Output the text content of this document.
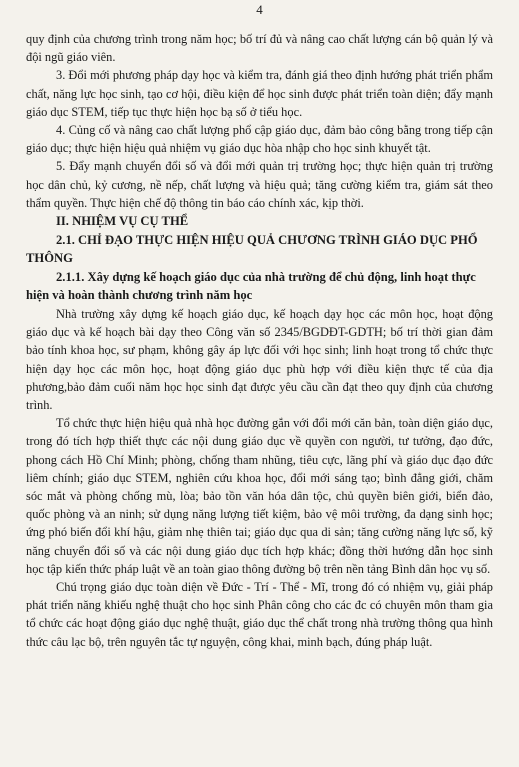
4

quy định của chương trình trong năm học; bố trí đủ và nâng cao chất lượng cán bộ quản lý và đội ngũ giáo viên.

3. Đổi mới phương pháp dạy học và kiểm tra, đánh giá theo định hướng phát triển phẩm chất, năng lực học sinh, tạo cơ hội, điều kiện để học sinh được phát triển toàn diện; đẩy mạnh giáo dục STEM, tiếp tục thực hiện học bạ số ở tiểu học.

4. Củng cố và nâng cao chất lượng phổ cập giáo dục, đảm bảo công bằng trong tiếp cận giáo dục; thực hiện hiệu quả nhiệm vụ giáo dục hòa nhập cho học sinh khuyết tật.

5. Đẩy mạnh chuyển đổi số và đổi mới quản trị trường học; thực hiện quản trị trường học dân chủ, kỷ cương, nề nếp, chất lượng và hiệu quả; tăng cường kiểm tra, giám sát theo thẩm quyền. Thực hiện chế độ thông tin báo cáo chính xác, kịp thời.

II. NHIỆM VỤ CỤ THỂ

2.1. CHỈ ĐẠO THỰC HIỆN HIỆU QUẢ CHƯƠNG TRÌNH GIÁO DỤC PHỔ THÔNG

2.1.1. Xây dựng kế hoạch giáo dục của nhà trường để chủ động, linh hoạt thực hiện và hoàn thành chương trình năm học

Nhà trường xây dựng kế hoạch giáo dục, kế hoạch dạy học các môn học, hoạt động giáo dục và kế hoạch bài dạy theo Công văn số 2345/BGDĐT-GDTH; bố trí thời gian đảm bảo tính khoa học, sư phạm, không gây áp lực đối với học sinh; linh hoạt trong tổ chức thực hiện dạy học các môn học, hoạt động giáo dục phù hợp với điều kiện thực tế của địa phương,bảo đảm cuối năm học học sinh đạt được yêu cầu cần đạt theo quy định của chương trình.

Tổ chức thực hiện hiệu quả nhà học đường gắn với đổi mới căn bản, toàn diện giáo dục, trong đó tích hợp thiết thực các nội dung giáo dục về quyền con người, tư tưởng, đạo đức, phong cách Hồ Chí Minh; phòng, chống tham nhũng, tiêu cực, lãng phí và giáo dục đạo đức liêm chính; giáo dục STEM, nghiên cứu khoa học, đổi mới sáng tạo; bình đẳng giới, chăm sóc mắt và phòng chống mù, lòa; bảo tồn văn hóa dân tộc, chủ quyền biên giới, biển đảo, quốc phòng và an ninh; sử dụng năng lượng tiết kiệm, bảo vệ môi trường, đa dạng sinh học; ứng phó biến đổi khí hậu, giảm nhẹ thiên tai; giáo dục qua di sản; tăng cường năng lực số, kỹ năng chuyển đổi số và các nội dung giáo dục tích hợp khác; đồng thời hướng dẫn học sinh học tập kiến thức pháp luật về an toàn giao thông đường bộ trên nền tảng Bình dân học vụ số.

Chú trọng giáo dục toàn diện về Đức - Trí - Thể - Mĩ, trong đó có nhiệm vụ, giải pháp phát triển năng khiếu nghệ thuật cho học sinh Phân công cho các đc có chuyên môn tham gia tổ chức các hoạt động giáo dục nghệ thuật, giáo dục thể chất trong nhà trường thông qua hình thức câu lạc bộ, trên nguyên tắc tự nguyện, công khai, minh bạch, đúng pháp luật.
